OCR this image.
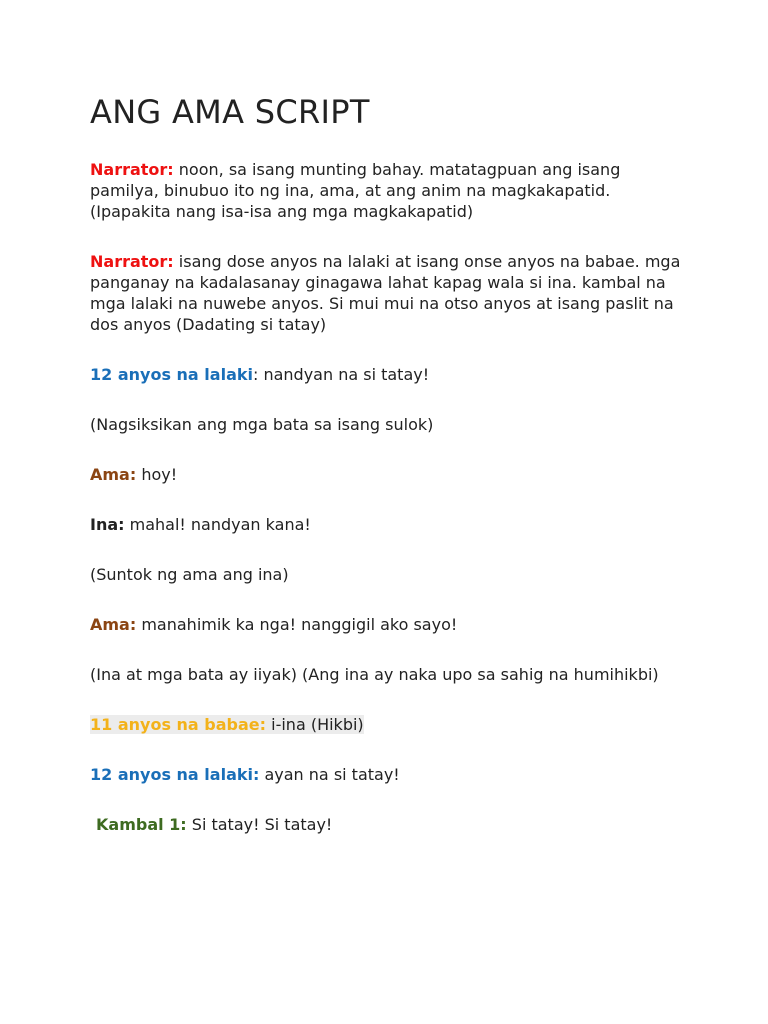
ANG AMA SCRIPT

Narrator: noon, sa isang munting bahay. matatagpuan ang isang pamilya, binubuo ito ng ina, ama, at ang anim na magkakapatid. (Ipapakita nang isa-isa ang mga magkakapatid)

Narrator: isang dose anyos na lalaki at isang onse anyos na babae. mga panganay na kadalasanay ginagawa lahat kapag wala si ina. kambal na mga lalaki na nuwebe anyos. Si mui mui na otso anyos at isang paslit na dos anyos (Dadating si tatay)

12 anyos na lalaki: nandyan na si tatay!

(Nagsiksikan ang mga bata sa isang sulok)

Ama: hoy!

Ina: mahal! nandyan kana!

(Suntok ng ama ang ina)

Ama: manahimik ka nga! nanggigil ako sayo!

(Ina at mga bata ay iiyak) (Ang ina ay naka upo sa sahig na humihikbi)

11 anyos na babae: i-ina (Hikbi)

12 anyos na lalaki: ayan na si tatay!

Kambal 1: Si tatay! Si tatay!
